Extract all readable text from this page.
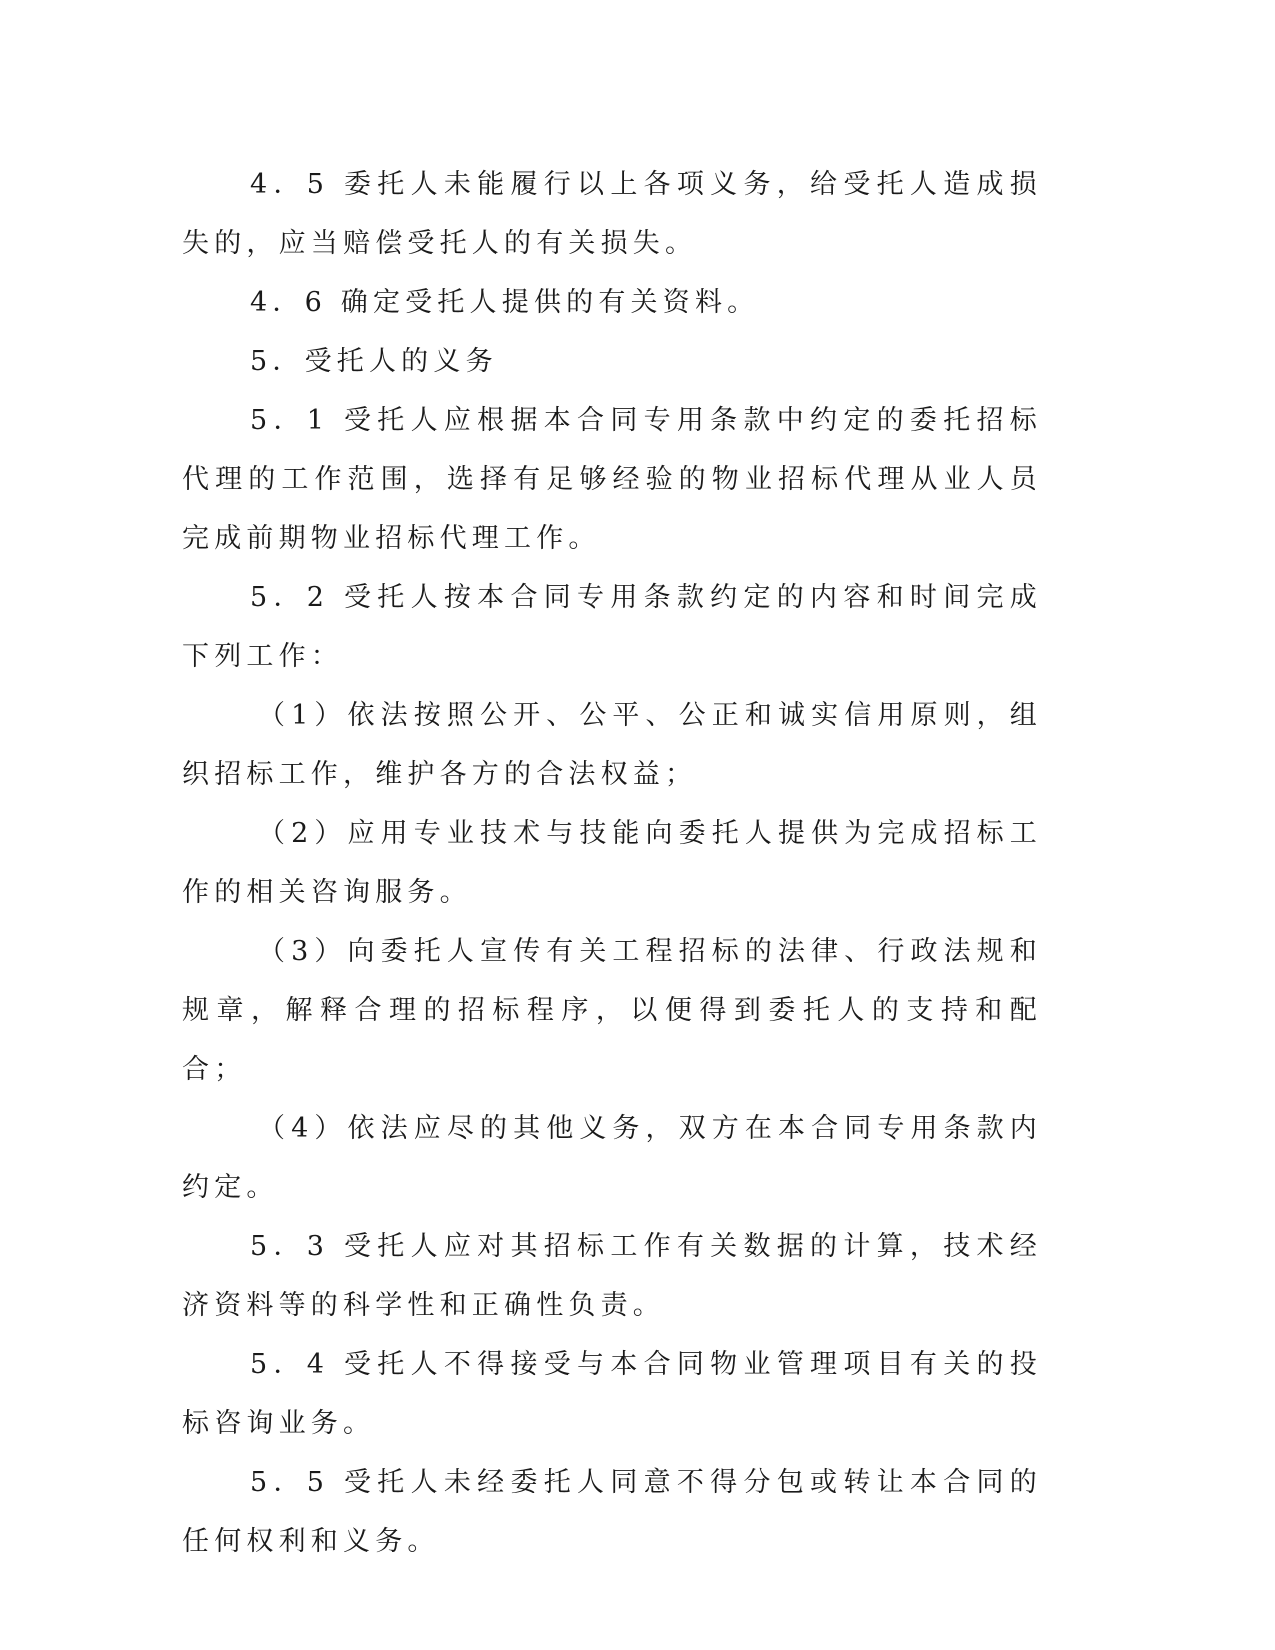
4．5 委托人未能履行以上各项义务，给受托人造成损失的，应当赔偿受托人的有关损失。

4．6 确定受托人提供的有关资料。

5．受托人的义务

5．1 受托人应根据本合同专用条款中约定的委托招标代理的工作范围，选择有足够经验的物业招标代理从业人员完成前期物业招标代理工作。

5．2 受托人按本合同专用条款约定的内容和时间完成下列工作：

（1）依法按照公开、公平、公正和诚实信用原则，组织招标工作，维护各方的合法权益；

（2）应用专业技术与技能向委托人提供为完成招标工作的相关咨询服务。

（3）向委托人宣传有关工程招标的法律、行政法规和规章，解释合理的招标程序，以便得到委托人的支持和配合；

（4）依法应尽的其他义务，双方在本合同专用条款内约定。

5．3 受托人应对其招标工作有关数据的计算，技术经济资料等的科学性和正确性负责。

5．4 受托人不得接受与本合同物业管理项目有关的投标咨询业务。

5．5 受托人未经委托人同意不得分包或转让本合同的任何权利和义务。
